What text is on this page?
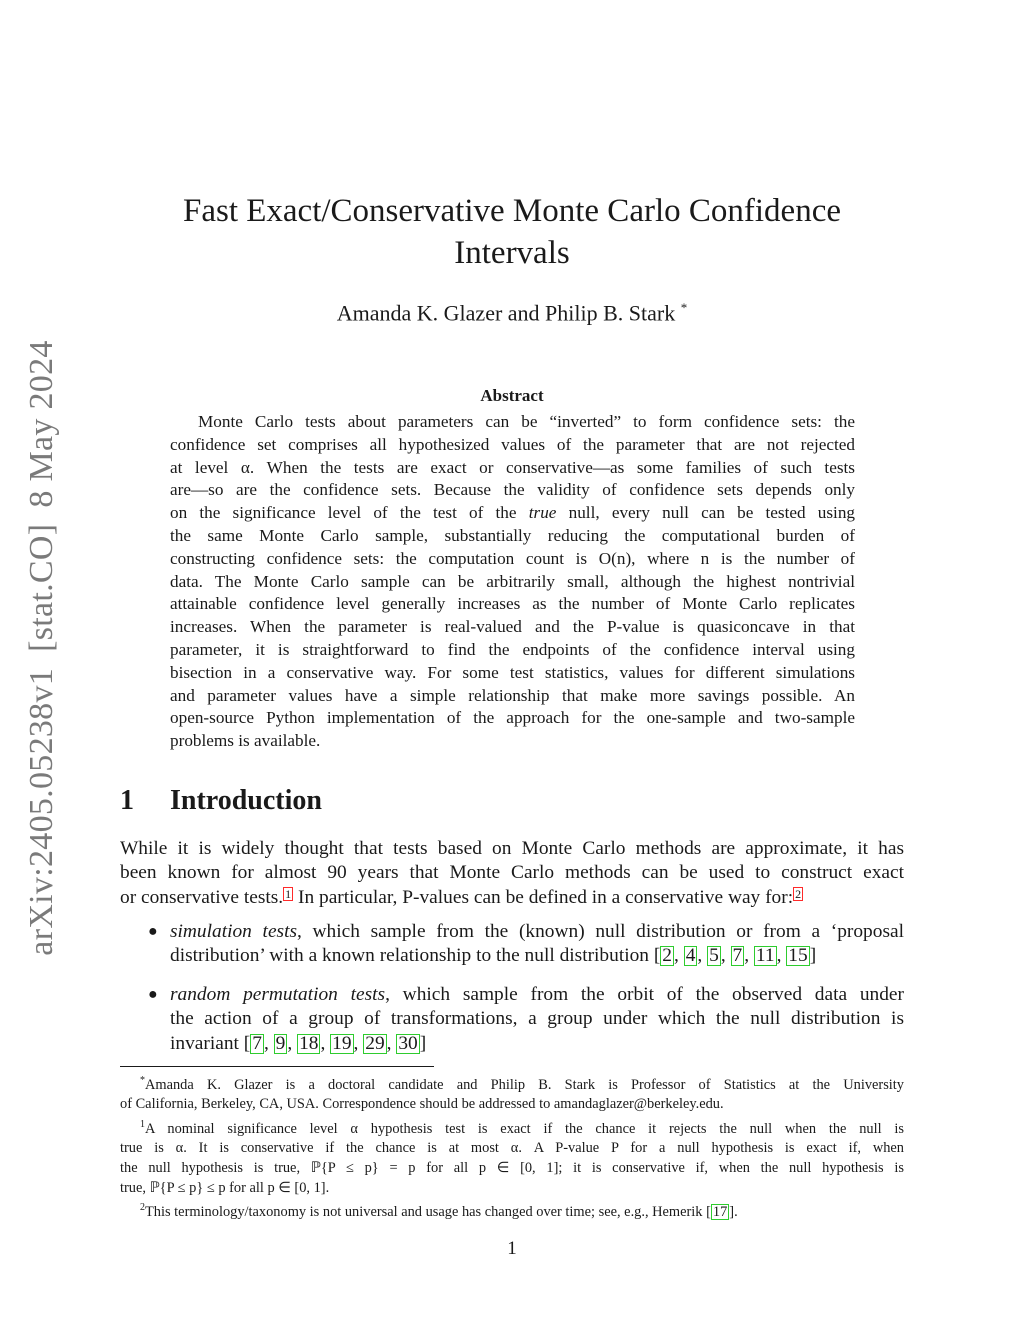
arXiv:2405.05238v1[stat.CO]8 May 2024
Fast Exact/Conservative Monte Carlo Confidence
Intervals
Amanda K. Glazer and Philip B. Stark *
Abstract
Monte Carlo tests about parameters can be “inverted” to form confidence sets: the
confidence set comprises all hypothesized values of the parameter that are not rejected
at level α. When the tests are exact or conservative—as some families of such tests
are—so are the confidence sets. Because the validity of confidence sets depends only
on the significance level of the test of the true null, every null can be tested using
the same Monte Carlo sample, substantially reducing the computational burden of
constructing confidence sets: the computation count is O(n), where n is the number of
data. The Monte Carlo sample can be arbitrarily small, although the highest nontrivial
attainable confidence level generally increases as the number of Monte Carlo replicates
increases. When the parameter is real-valued and the P-value is quasiconcave in that
parameter, it is straightforward to find the endpoints of the confidence interval using
bisection in a conservative way. For some test statistics, values for different simulations
and parameter values have a simple relationship that make more savings possible. An
open-source Python implementation of the approach for the one-sample and two-sample
problems is available.
1 Introduction
While it is widely thought that tests based on Monte Carlo methods are approximate, it has
been known for almost 90 years that Monte Carlo methods can be used to construct exact
or conservative tests. 1 In particular, P-values can be defined in a conservative way for: 2
● simulation tests, which sample from the (known) null distribution or from a ‘proposal
distribution’ with a known relationship to the null distribution [ 2 , 4 , 5 , 7 , 11 , 15 ]
● random permutation tests, which sample from the orbit of the observed data under
the action of a group of transformations, a group under which the null distribution is
invariant [ 7 , 9 , 18 , 19 , 29 , 30 ]
*Amanda K. Glazer is a doctoral candidate and Philip B. Stark is Professor of Statistics at the University
of California, Berkeley, CA, USA. Correspondence should be addressed to amandaglazer@berkeley.edu.
$^1$A nominal significance level α hypothesis test is exact if the chance it rejects the null when the null is
true is α. It is conservative if the chance is at most α. A P-value P for a null hypothesis is exact if, when
the null hypothesis is true, ℙ{P ≤ p} = p for all p ∈ [0, 1]; it is conservative if, when the null hypothesis is
true, ℙ{P ≤ p} ≤ p for all p ∈ [0, 1].
$^2$This terminology/taxonomy is not universal and usage has changed over time; see, e.g., Hemerik [ 17 ].
1
